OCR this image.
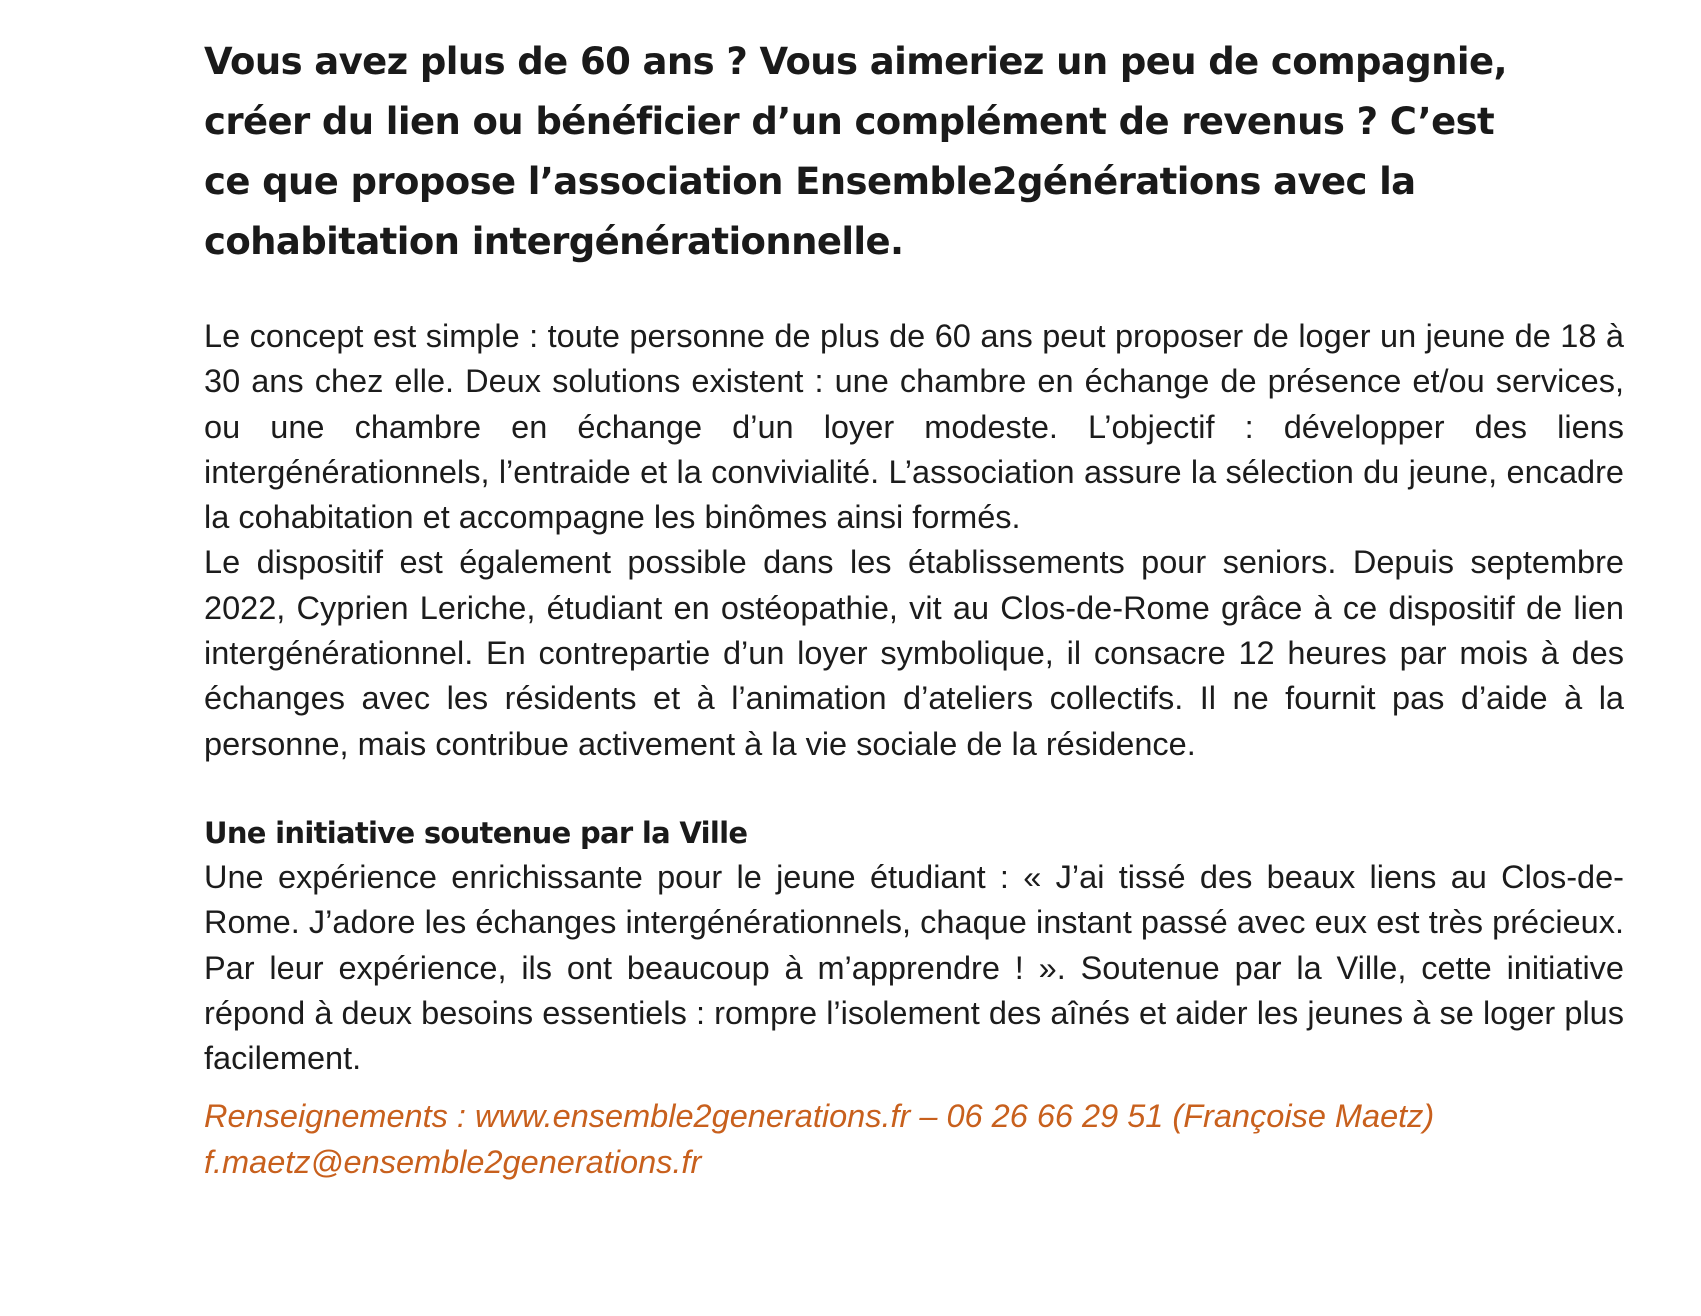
Vous avez plus de 60 ans ? Vous aimeriez un peu de compagnie, créer du lien ou bénéficier d’un complément de revenus ? C’est ce que propose l’association Ensemble2générations avec la cohabitation intergénérationnelle.

Le concept est simple : toute personne de plus de 60 ans peut proposer de loger un jeune de 18 à 30 ans chez elle. Deux solutions existent : une chambre en échange de présence et/ou services, ou une chambre en échange d’un loyer modeste. L’objectif : développer des liens intergénérationnels, l’entraide et la convivialité. L’association assure la sélection du jeune, encadre la cohabitation et accompagne les binômes ainsi formés.

Le dispositif est également possible dans les établissements pour seniors. Depuis septembre 2022, Cyprien Leriche, étudiant en ostéopathie, vit au Clos-de-Rome grâce à ce dispositif de lien intergénérationnel. En contrepartie d’un loyer symbolique, il consacre 12 heures par mois à des échanges avec les résidents et à l’animation d’ateliers collectifs. Il ne fournit pas d’aide à la personne, mais contribue activement à la vie sociale de la résidence.

Une initiative soutenue par la Ville

Une expérience enrichissante pour le jeune étudiant : « J’ai tissé des beaux liens au Clos-de-Rome. J’adore les échanges intergénérationnels, chaque instant passé avec eux est très précieux. Par leur expérience, ils ont beaucoup à m’apprendre ! ». Soutenue par la Ville, cette initiative répond à deux besoins essentiels : rompre l’isolement des aînés et aider les jeunes à se loger plus facilement.

Renseignements : www.ensemble2generations.fr – 06 26 66 29 51 (Françoise Maetz)
f.maetz@ensemble2generations.fr
